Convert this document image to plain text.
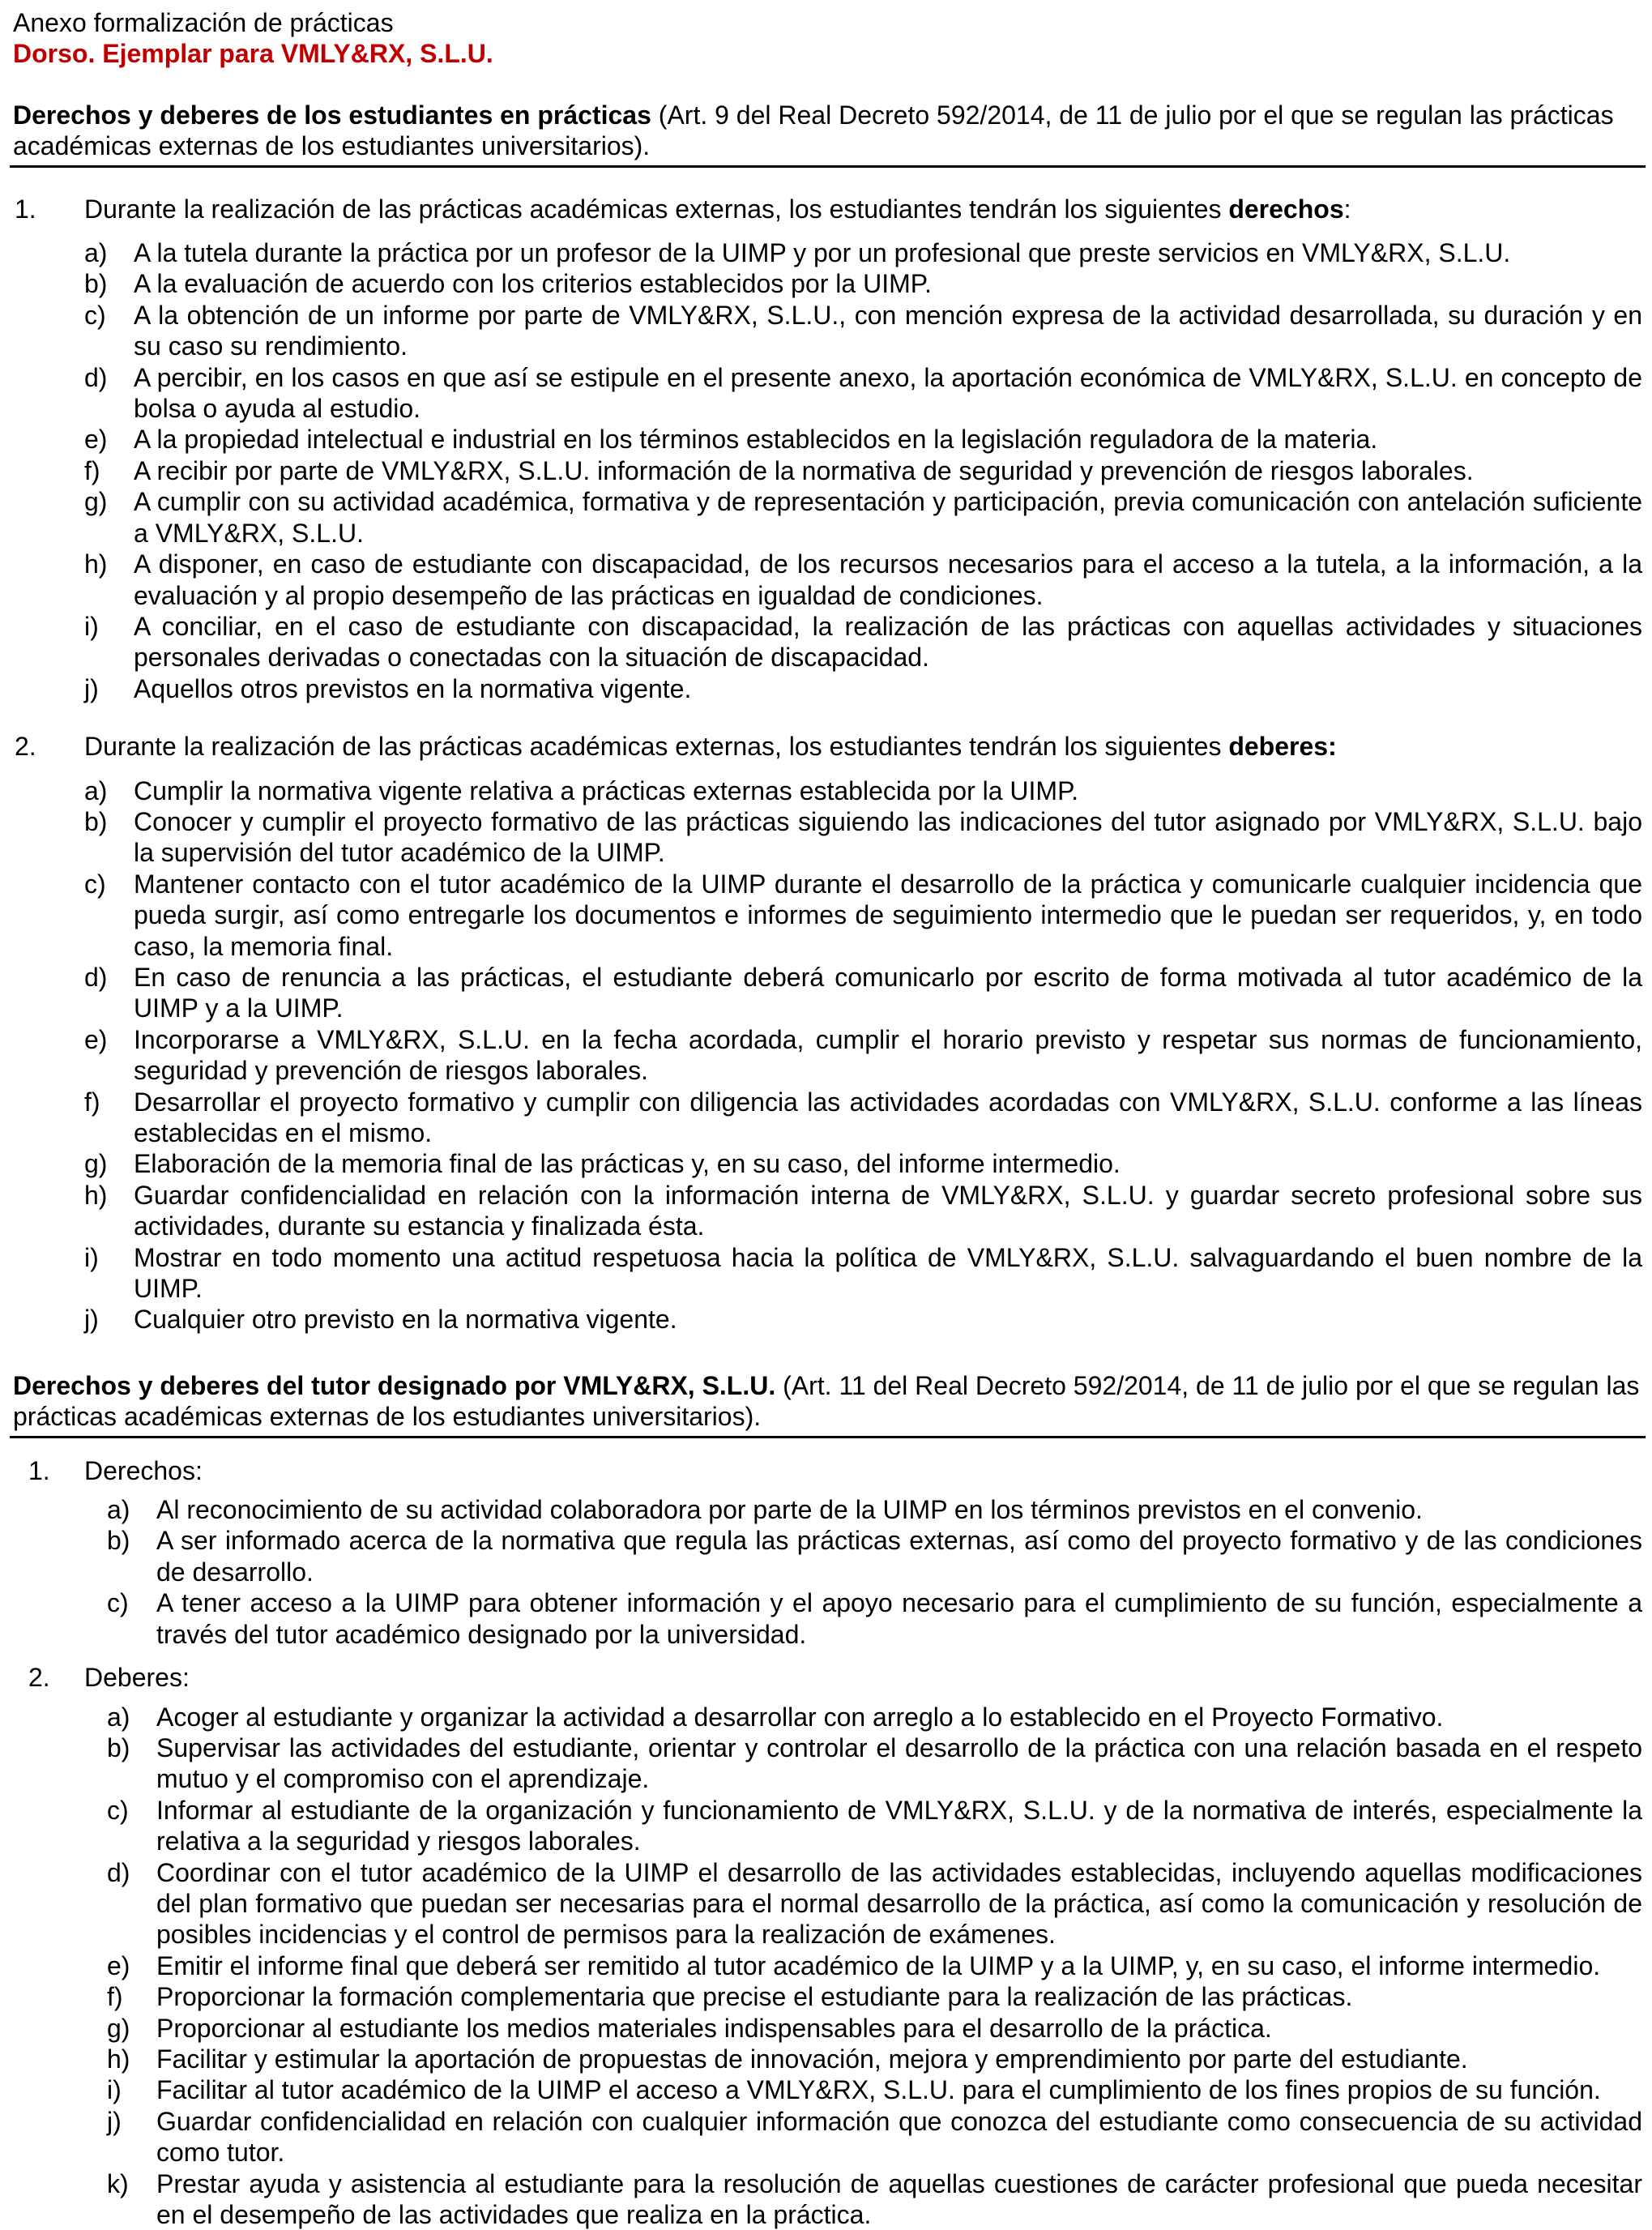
Anexo formalización de prácticas
Dorso. Ejemplar para VMLY&RX, S.L.U.
Derechos y deberes de los estudiantes en prácticas (Art. 9 del Real Decreto 592/2014, de 11 de julio por el que se regulan las prácticas académicas externas de los estudiantes universitarios).
1. Durante la realización de las prácticas académicas externas, los estudiantes tendrán los siguientes derechos:
a) A la tutela durante la práctica por un profesor de la UIMP y por un profesional que preste servicios en VMLY&RX, S.L.U.
b) A la evaluación de acuerdo con los criterios establecidos por la UIMP.
c) A la obtención de un informe por parte de VMLY&RX, S.L.U., con mención expresa de la actividad desarrollada, su duración y en su caso su rendimiento.
d) A percibir, en los casos en que así se estipule en el presente anexo, la aportación económica de VMLY&RX, S.L.U. en concepto de bolsa o ayuda al estudio.
e) A la propiedad intelectual e industrial en los términos establecidos en la legislación reguladora de la materia.
f) A recibir por parte de VMLY&RX, S.L.U. información de la normativa de seguridad y prevención de riesgos laborales.
g) A cumplir con su actividad académica, formativa y de representación y participación, previa comunicación con antelación suficiente a VMLY&RX, S.L.U.
h) A disponer, en caso de estudiante con discapacidad, de los recursos necesarios para el acceso a la tutela, a la información, a la evaluación y al propio desempeño de las prácticas en igualdad de condiciones.
i) A conciliar, en el caso de estudiante con discapacidad, la realización de las prácticas con aquellas actividades y situaciones personales derivadas o conectadas con la situación de discapacidad.
j) Aquellos otros previstos en la normativa vigente.
2. Durante la realización de las prácticas académicas externas, los estudiantes tendrán los siguientes deberes:
a) Cumplir la normativa vigente relativa a prácticas externas establecida por la UIMP.
b) Conocer y cumplir el proyecto formativo de las prácticas siguiendo las indicaciones del tutor asignado por VMLY&RX, S.L.U. bajo la supervisión del tutor académico de la UIMP.
c) Mantener contacto con el tutor académico de la UIMP durante el desarrollo de la práctica y comunicarle cualquier incidencia que pueda surgir, así como entregarle los documentos e informes de seguimiento intermedio que le puedan ser requeridos, y, en todo caso, la memoria final.
d) En caso de renuncia a las prácticas, el estudiante deberá comunicarlo por escrito de forma motivada al tutor académico de la UIMP y a la UIMP.
e) Incorporarse a VMLY&RX, S.L.U. en la fecha acordada, cumplir el horario previsto y respetar sus normas de funcionamiento, seguridad y prevención de riesgos laborales.
f) Desarrollar el proyecto formativo y cumplir con diligencia las actividades acordadas con VMLY&RX, S.L.U. conforme a las líneas establecidas en el mismo.
g) Elaboración de la memoria final de las prácticas y, en su caso, del informe intermedio.
h) Guardar confidencialidad en relación con la información interna de VMLY&RX, S.L.U. y guardar secreto profesional sobre sus actividades, durante su estancia y finalizada ésta.
i) Mostrar en todo momento una actitud respetuosa hacia la política de VMLY&RX, S.L.U. salvaguardando el buen nombre de la UIMP.
j) Cualquier otro previsto en la normativa vigente.
Derechos y deberes del tutor designado por VMLY&RX, S.L.U. (Art. 11 del Real Decreto 592/2014, de 11 de julio por el que se regulan las prácticas académicas externas de los estudiantes universitarios).
1. Derechos:
a) Al reconocimiento de su actividad colaboradora por parte de la UIMP en los términos previstos en el convenio.
b) A ser informado acerca de la normativa que regula las prácticas externas, así como del proyecto formativo y de las condiciones de desarrollo.
c) A tener acceso a la UIMP para obtener información y el apoyo necesario para el cumplimiento de su función, especialmente a través del tutor académico designado por la universidad.
2. Deberes:
a) Acoger al estudiante y organizar la actividad a desarrollar con arreglo a lo establecido en el Proyecto Formativo.
b) Supervisar las actividades del estudiante, orientar y controlar el desarrollo de la práctica con una relación basada en el respeto mutuo y el compromiso con el aprendizaje.
c) Informar al estudiante de la organización y funcionamiento de VMLY&RX, S.L.U. y de la normativa de interés, especialmente la relativa a la seguridad y riesgos laborales.
d) Coordinar con el tutor académico de la UIMP el desarrollo de las actividades establecidas, incluyendo aquellas modificaciones del plan formativo que puedan ser necesarias para el normal desarrollo de la práctica, así como la comunicación y resolución de posibles incidencias y el control de permisos para la realización de exámenes.
e) Emitir el informe final que deberá ser remitido al tutor académico de la UIMP y a la UIMP, y, en su caso, el informe intermedio.
f) Proporcionar la formación complementaria que precise el estudiante para la realización de las prácticas.
g) Proporcionar al estudiante los medios materiales indispensables para el desarrollo de la práctica.
h) Facilitar y estimular la aportación de propuestas de innovación, mejora y emprendimiento por parte del estudiante.
i) Facilitar al tutor académico de la UIMP el acceso a VMLY&RX, S.L.U. para el cumplimiento de los fines propios de su función.
j) Guardar confidencialidad en relación con cualquier información que conozca del estudiante como consecuencia de su actividad como tutor.
k) Prestar ayuda y asistencia al estudiante para la resolución de aquellas cuestiones de carácter profesional que pueda necesitar en el desempeño de las actividades que realiza en la práctica.
